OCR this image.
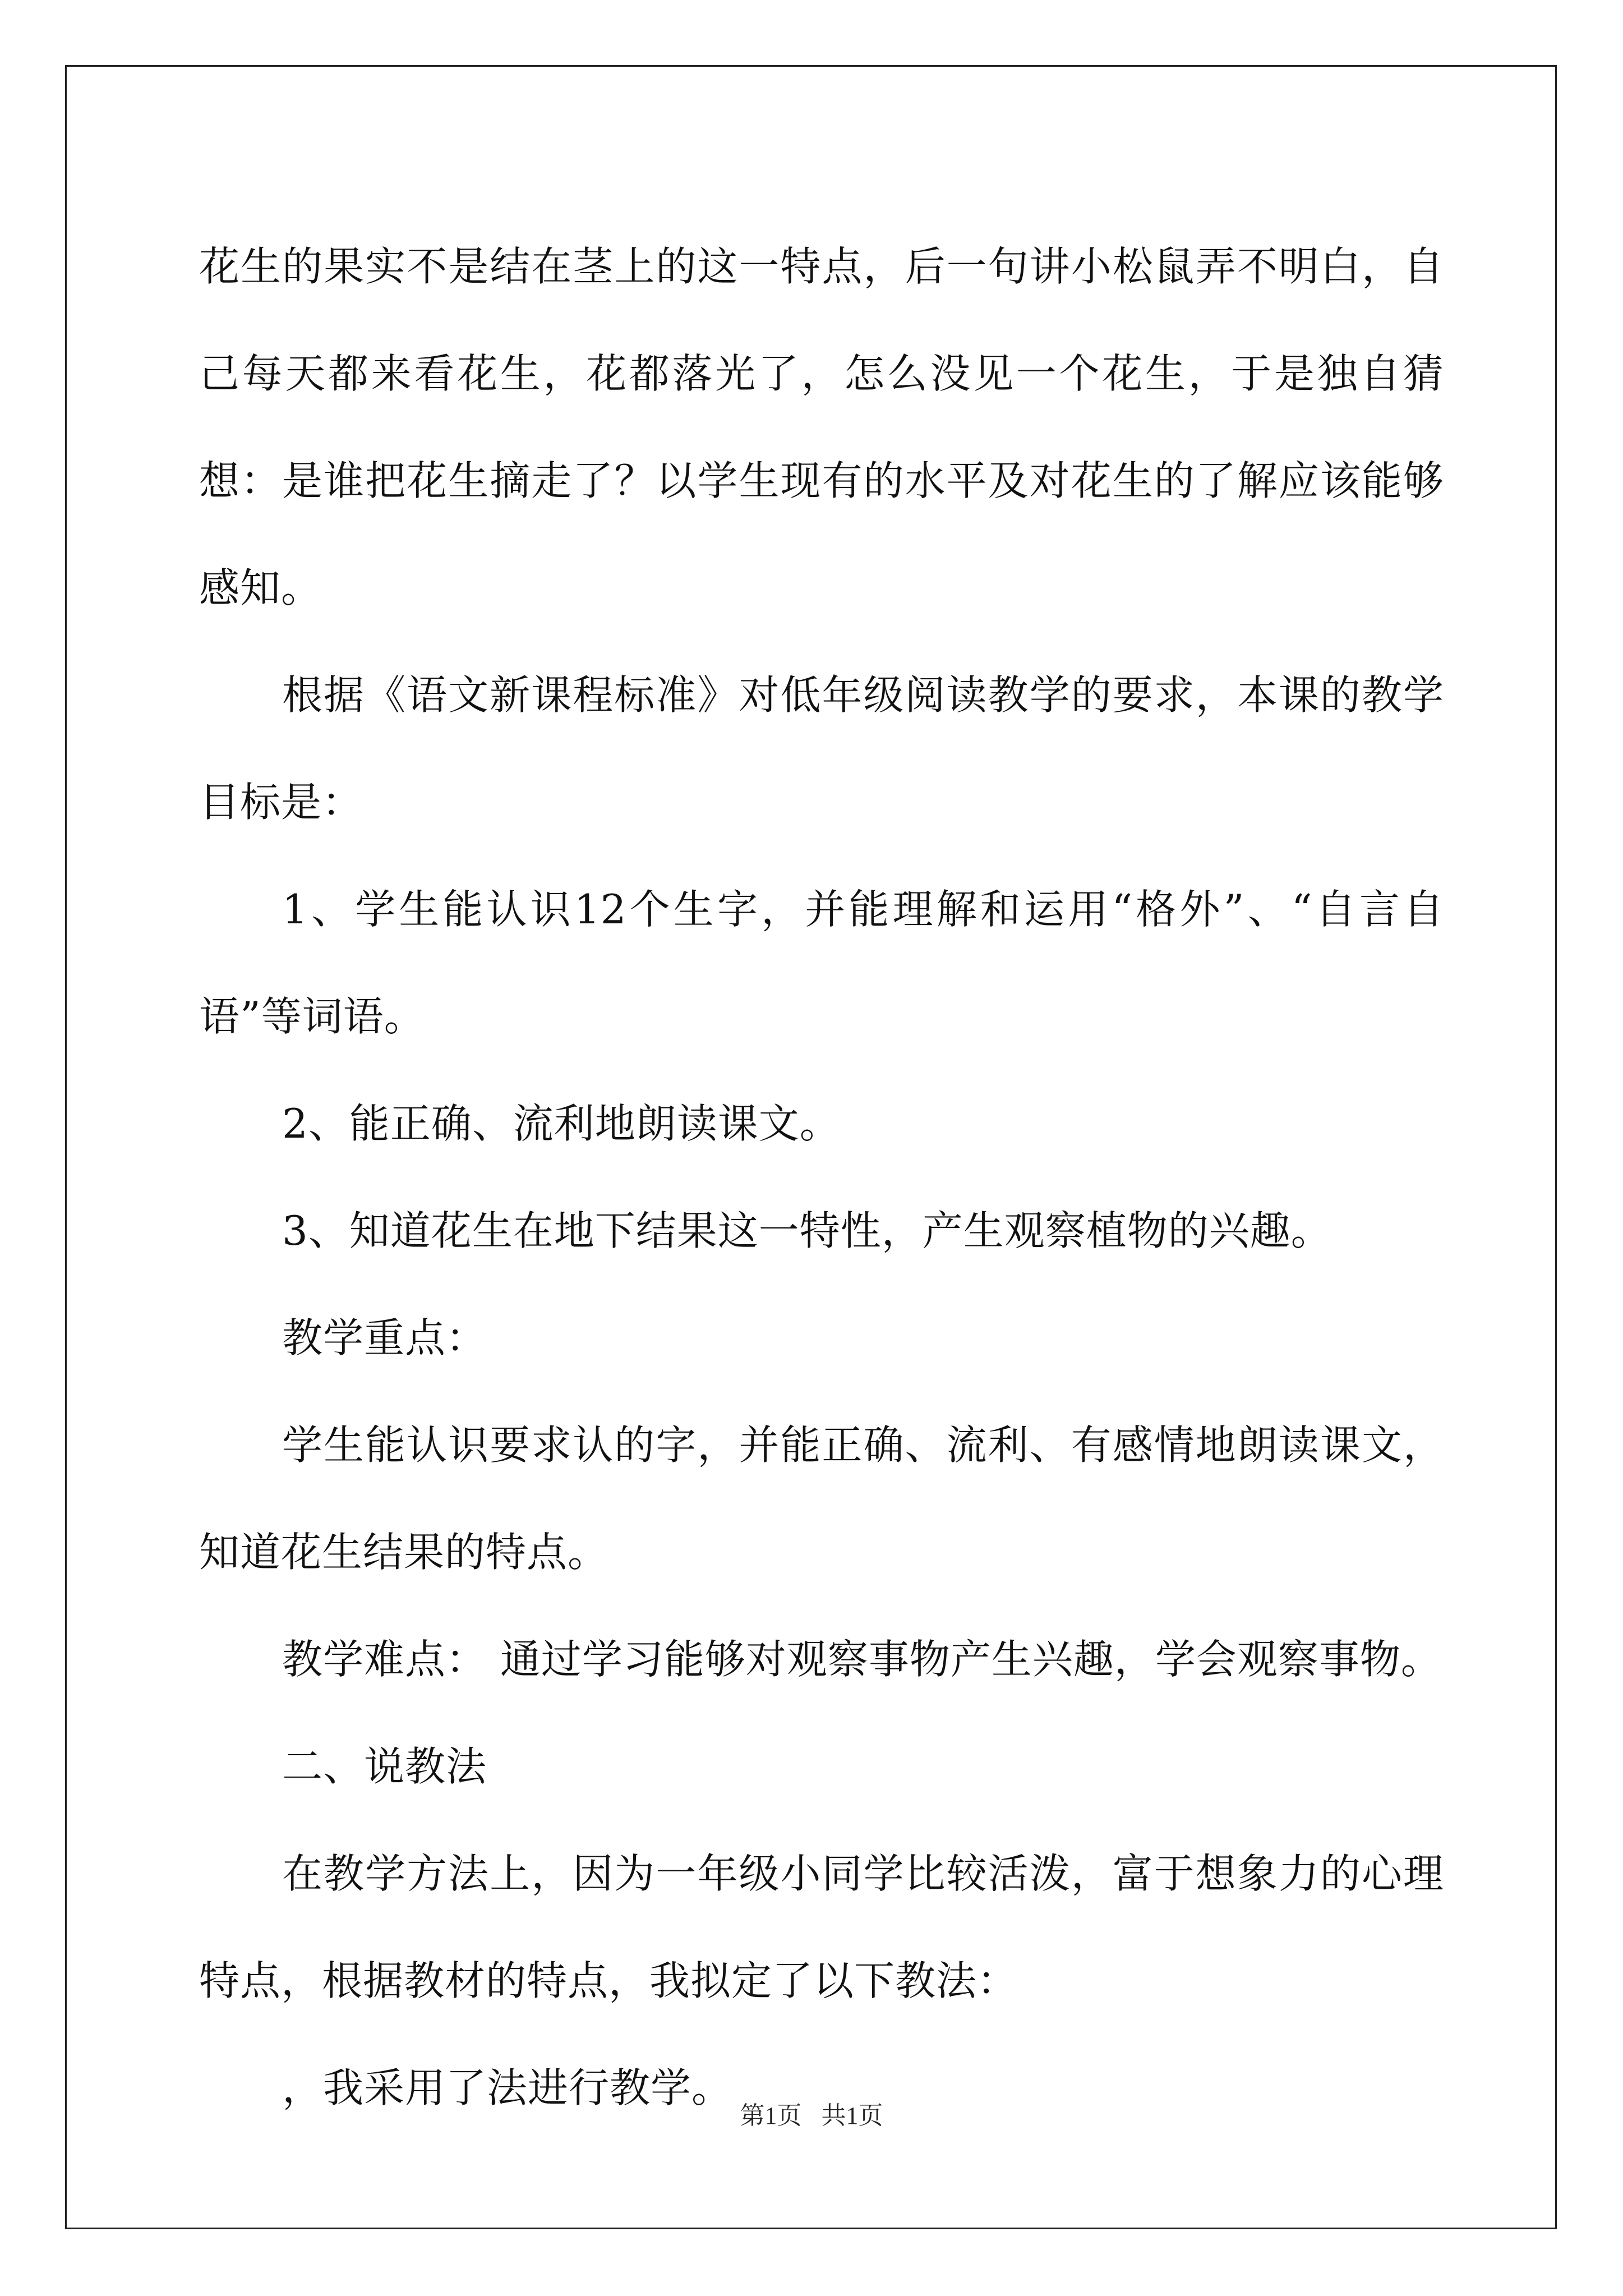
花生的果实不是结在茎上的这一特点，后一句讲小松鼠弄不明白，自己每天都来看花生，花都落光了，怎么没见一个花生，于是独自猜想：是谁把花生摘走了？以学生现有的水平及对花生的了解应该能够感知。

根据《语文新课程标准》对低年级阅读教学的要求，本课的教学目标是：

1、学生能认识12个生字，并能理解和运用“格外”、“自言自语”等词语。

2、能正确、流利地朗读课文。

3、知道花生在地下结果这一特性，产生观察植物的兴趣。

教学重点：

学生能认识要求认的字，并能正确、流利、有感情地朗读课文，知道花生结果的特点。

教学难点： 通过学习能够对观察事物产生兴趣，学会观察事物。

二、说教法

在教学方法上，因为一年级小同学比较活泼，富于想象力的心理特点，根据教材的特点，我拟定了以下教法：

，我采用了法进行教学。

第1页 共1页
